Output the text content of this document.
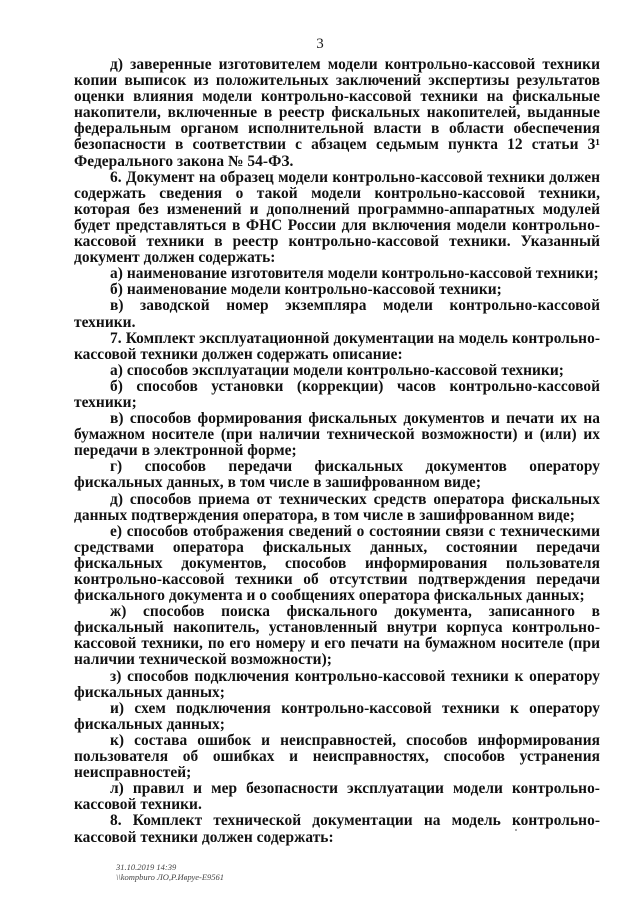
3

д) заверенные изготовителем модели контрольно-кассовой техники копии выписок из положительных заключений экспертизы результатов оценки влияния модели контрольно-кассовой техники на фискальные накопители, включенные в реестр фискальных накопителей, выданные федеральным органом исполнительной власти в области обеспечения безопасности в соответствии с абзацем седьмым пункта 12 статьи 3¹ Федерального закона № 54-ФЗ.

6. Документ на образец модели контрольно-кассовой техники должен содержать сведения о такой модели контрольно-кассовой техники, которая без изменений и дополнений программно-аппаратных модулей будет представляться в ФНС России для включения модели контрольно-кассовой техники в реестр контрольно-кассовой техники. Указанный документ должен содержать:

а) наименование изготовителя модели контрольно-кассовой техники;

б) наименование модели контрольно-кассовой техники;

в) заводской номер экземпляра модели контрольно-кассовой техники.

7. Комплект эксплуатационной документации на модель контрольно-кассовой техники должен содержать описание:

а) способов эксплуатации модели контрольно-кассовой техники;

б) способов установки (коррекции) часов контрольно-кассовой техники;

в) способов формирования фискальных документов и печати их на бумажном носителе (при наличии технической возможности) и (или) их передачи в электронной форме;

г) способов передачи фискальных документов оператору фискальных данных, в том числе в зашифрованном виде;

д) способов приема от технических средств оператора фискальных данных подтверждения оператора, в том числе в зашифрованном виде;

е) способов отображения сведений о состоянии связи с техническими средствами оператора фискальных данных, состоянии передачи фискальных документов, способов информирования пользователя контрольно-кассовой техники об отсутствии подтверждения передачи фискального документа и о сообщениях оператора фискальных данных;

ж) способов поиска фискального документа, записанного в фискальный накопитель, установленный внутри корпуса контрольно-кассовой техники, по его номеру и его печати на бумажном носителе (при наличии технической возможности);

з) способов подключения контрольно-кассовой техники к оператору фискальных данных;

и) схем подключения контрольно-кассовой техники к оператору фискальных данных;

к) состава ошибок и неисправностей, способов информирования пользователя об ошибках и неисправностях, способов устранения неисправностей;

л) правил и мер безопасности эксплуатации модели контрольно-кассовой техники.

8. Комплект технической документации на модель контрольно-кассовой техники должен содержать:

31.10.2019 14:39
\\kompburo ЛО,Р.Ивруе-Е9561
